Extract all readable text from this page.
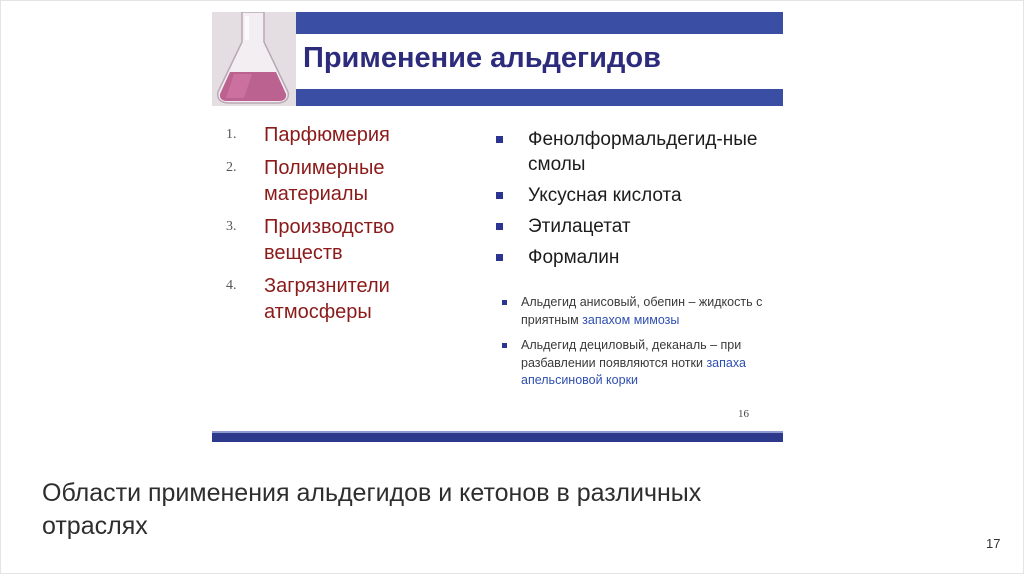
Применение альдегидов
1. Парфюмерия
2. Полимерные материалы
3. Производство веществ
4. Загрязнители атмосферы
Фенолформальдегид-ные смолы
Уксусная кислота
Этилацетат
Формалин
Альдегид анисовый, обепин – жидкость с приятным запахом мимозы
Альдегид дециловый, деканаль – при разбавлении появляются нотки запаха апельсиновой корки
16
Области применения альдегидов и кетонов в различных отраслях
17
